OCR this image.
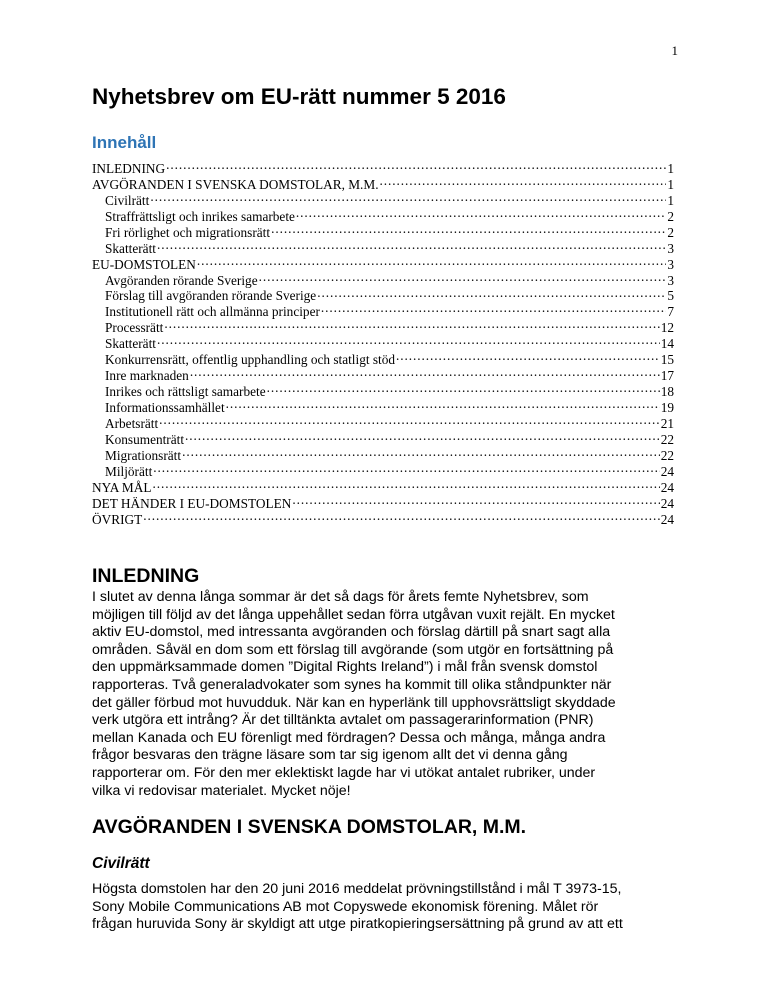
1
Nyhetsbrev om EU-rätt nummer 5 2016
Innehåll
INLEDNING . . .	1
AVGÖRANDEN I SVENSKA DOMSTOLAR, M.M. . . .	1
Civilrätt . . .	1
Straffrättsligt och inrikes samarbete . . .	2
Fri rörlighet och migrationsrätt . . .	2
Skatterätt . . .	3
EU-DOMSTOLEN . . .	3
Avgöranden rörande Sverige . . .	3
Förslag till avgöranden rörande Sverige . . .	5
Institutionell rätt och allmänna principer . . .	7
Processrätt . . .	12
Skatterätt . . .	14
Konkurrensrätt, offentlig upphandling och statligt stöd . . .	15
Inre marknaden . . .	17
Inrikes och rättsligt samarbete . . .	18
Informationssamhället . . .	19
Arbetsrätt . . .	21
Konsumenträtt . . .	22
Migrationsrätt . . .	22
Miljörätt . . .	24
NYA MÅL . . .	24
DET HÄNDER I EU-DOMSTOLEN . . .	24
ÖVRIGT . . .	24
INLEDNING

I slutet av denna långa sommar är det så dags för årets femte Nyhetsbrev, som
möjligen till följd av det långa uppehållet sedan förra utgåvan vuxit rejält. En mycket
aktiv EU-domstol, med intressanta avgöranden och förslag därtill på snart sagt alla
områden. Såväl en dom som ett förslag till avgörande (som utgör en fortsättning på
den uppmärksammade domen ”Digital Rights Ireland”) i mål från svensk domstol
rapporteras. Två generaladvokater som synes ha kommit till olika ståndpunkter när
det gäller förbud mot huvudduk. När kan en hyperlänk till upphovsrättsligt skyddade
verk utgöra ett intrång? Är det tilltänkta avtalet om passagerarinformation (PNR)
mellan Kanada och EU förenligt med fördragen? Dessa och många, många andra
frågor besvaras den trägne läsare som tar sig igenom allt det vi denna gång
rapporterar om. För den mer eklektiskt lagde har vi utökat antalet rubriker, under
vilka vi redovisar materialet. Mycket nöje!

AVGÖRANDEN I SVENSKA DOMSTOLAR, M.M.
Civilrätt

Högsta domstolen har den 20 juni 2016 meddelat prövningstillstånd i mål T 3973-15,
Sony Mobile Communications AB mot Copyswede ekonomisk förening. Målet rör
frågan huruvida Sony är skyldigt att utge piratkopieringsersättning på grund av att ett
